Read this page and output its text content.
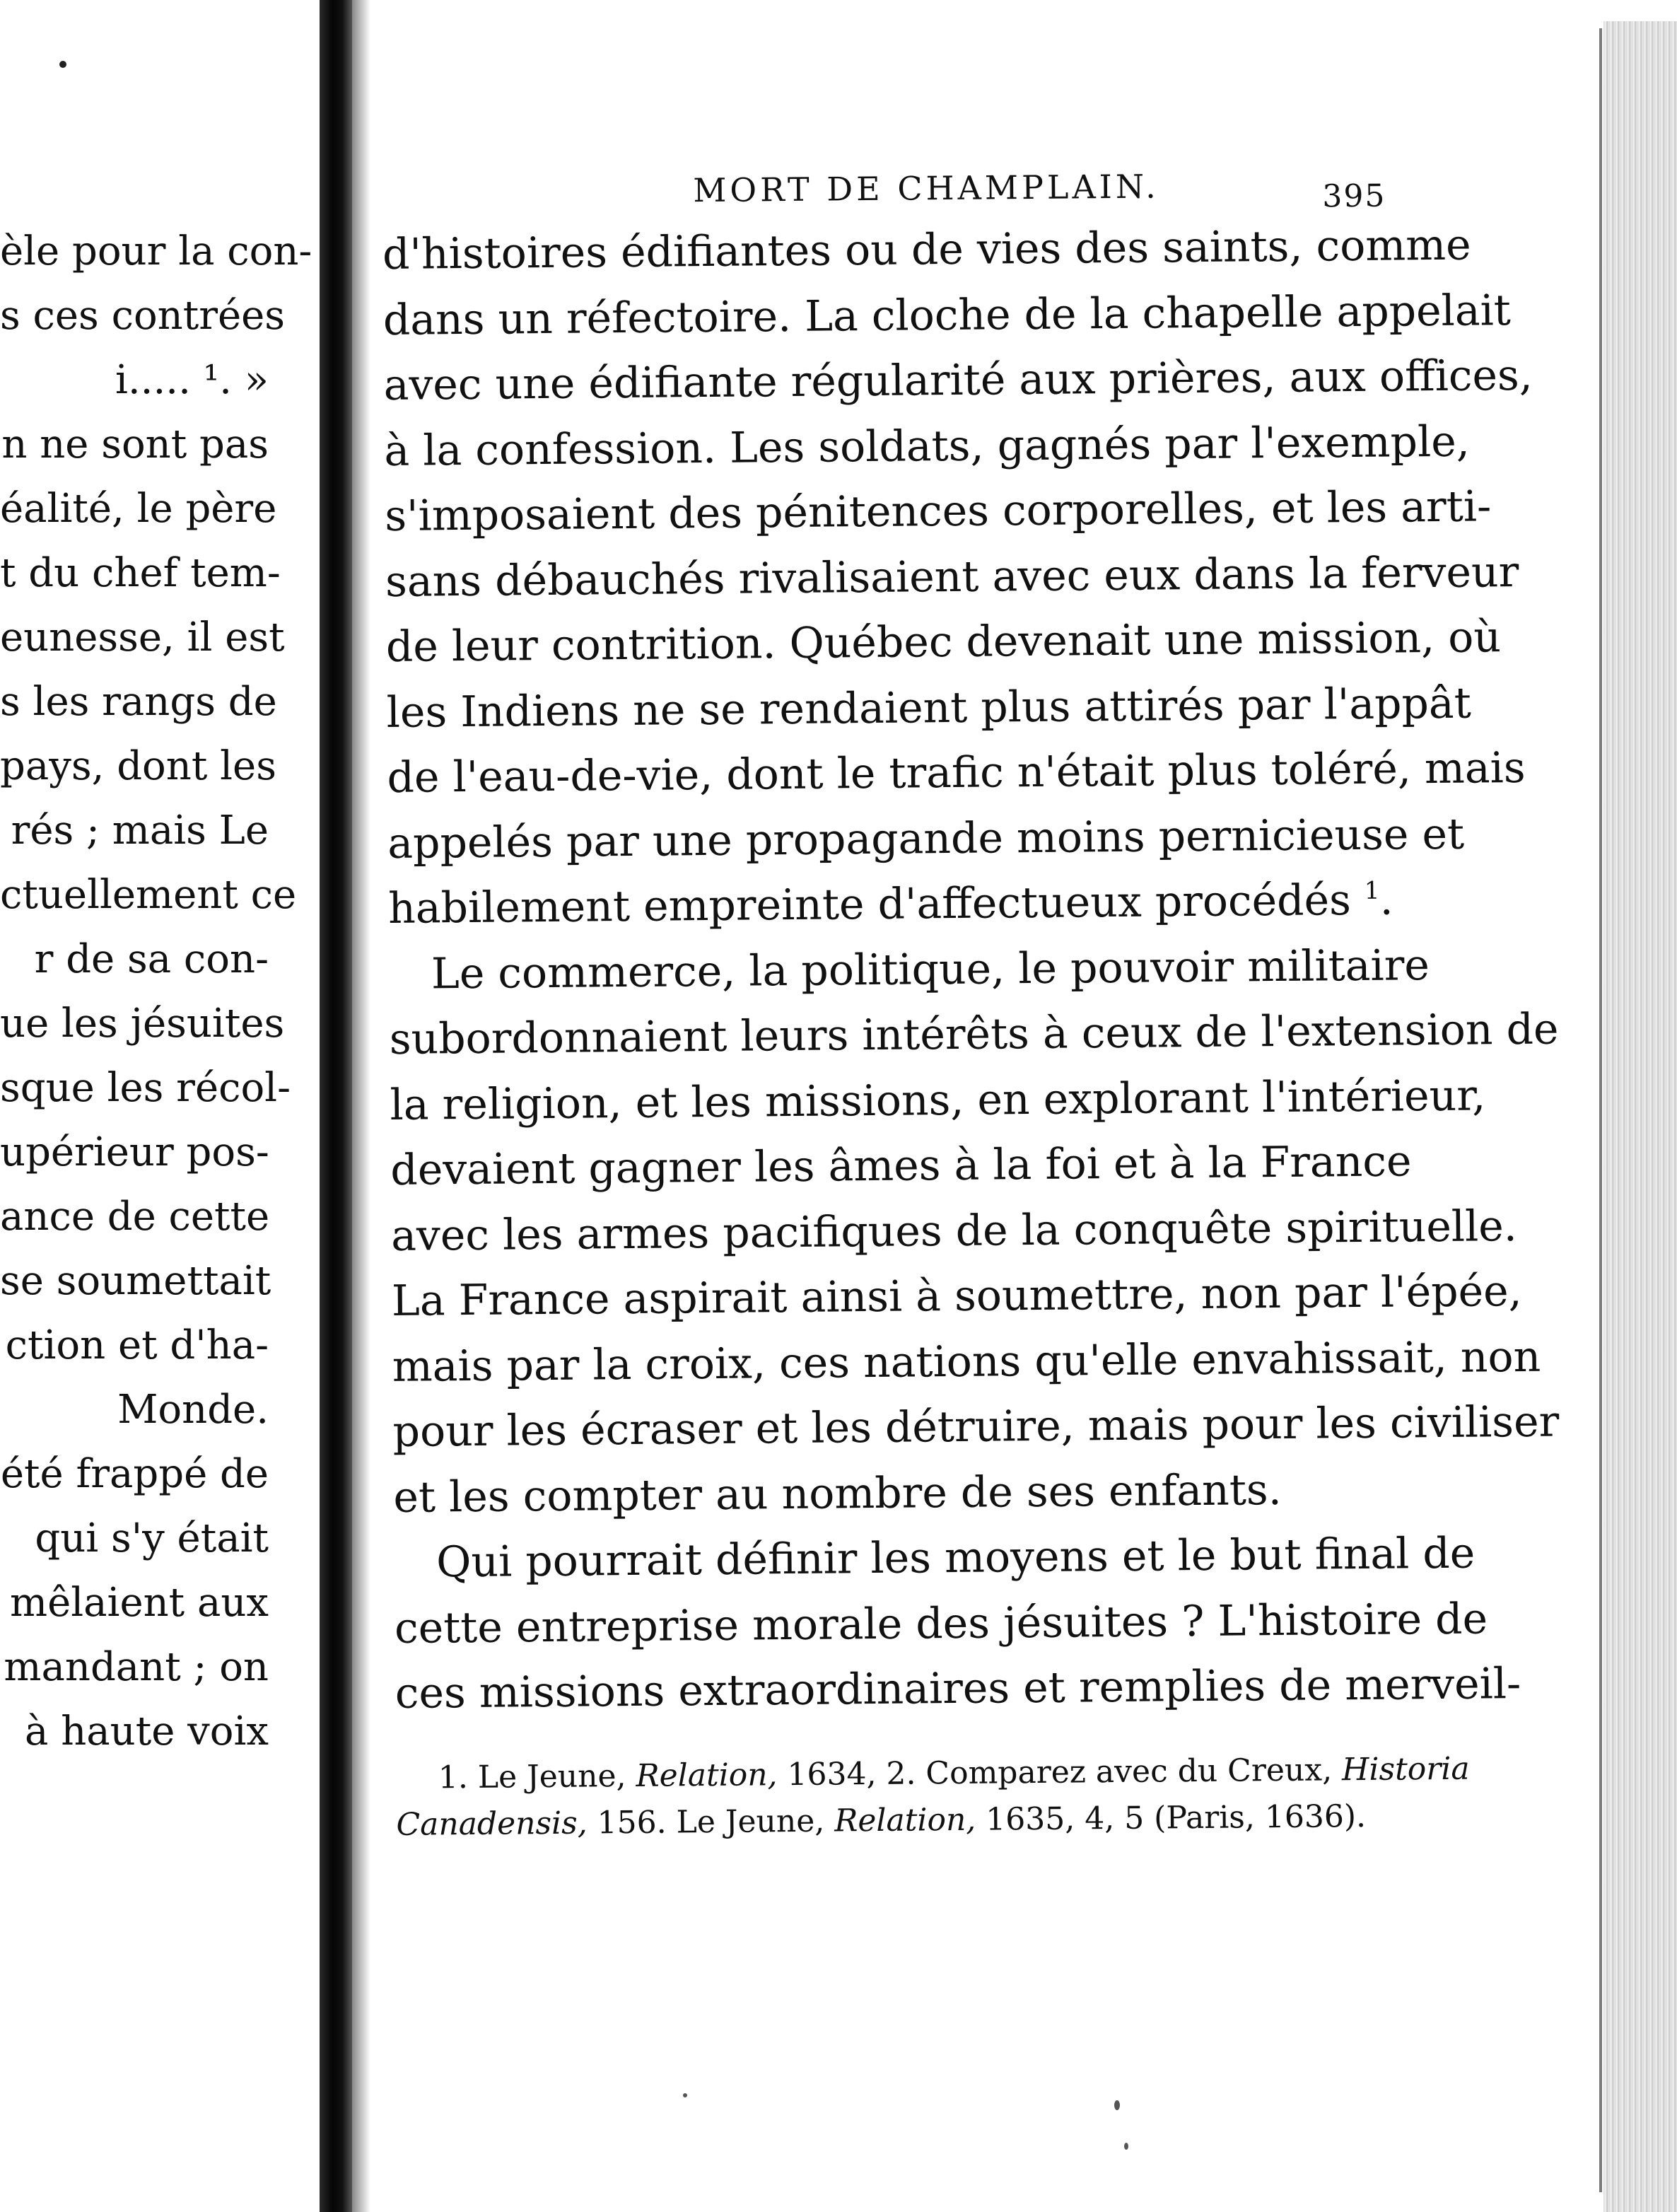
èle pour la con-
s ces contrées
i..... ¹. »
n ne sont pas
éalité, le père
t du chef tem-
eunesse, il est
s les rangs de
pays, dont les
rés ; mais Le
ctuellement ce
r de sa con-
ue les jésuites
sque les récol-
upérieur pos-
ance de cette
se soumettait
ction et d'ha-
Monde.
été frappé de
qui s'y était
mêlaient aux
mandant ; on
à haute voix
MORT DE CHAMPLAIN.	395
d'histoires édifiantes ou de vies des saints, comme
dans un réfectoire. La cloche de la chapelle appelait
avec une édifiante régularité aux prières, aux offices,
à la confession. Les soldats, gagnés par l'exemple,
s'imposaient des pénitences corporelles, et les arti-
sans débauchés rivalisaient avec eux dans la ferveur
de leur contrition. Québec devenait une mission, où
les Indiens ne se rendaient plus attirés par l'appât
de l'eau-de-vie, dont le trafic n'était plus toléré, mais
appelés par une propagande moins pernicieuse et
habilement empreinte d'affectueux procédés $^1$.
Le commerce, la politique, le pouvoir militaire
subordonnaient leurs intérêts à ceux de l'extension de
la religion, et les missions, en explorant l'intérieur,
devaient gagner les âmes à la foi et à la France
avec les armes pacifiques de la conquête spirituelle.
La France aspirait ainsi à soumettre, non par l'épée,
mais par la croix, ces nations qu'elle envahissait, non
pour les écraser et les détruire, mais pour les civiliser
et les compter au nombre de ses enfants.
Qui pourrait définir les moyens et le but final de
cette entreprise morale des jésuites ? L'histoire de
ces missions extraordinaires et remplies de merveil-
1. Le Jeune, Relation, 1634, 2. Comparez avec du Creux, Historia
Canadensis, 156. Le Jeune, Relation, 1635, 4, 5 (Paris, 1636).
